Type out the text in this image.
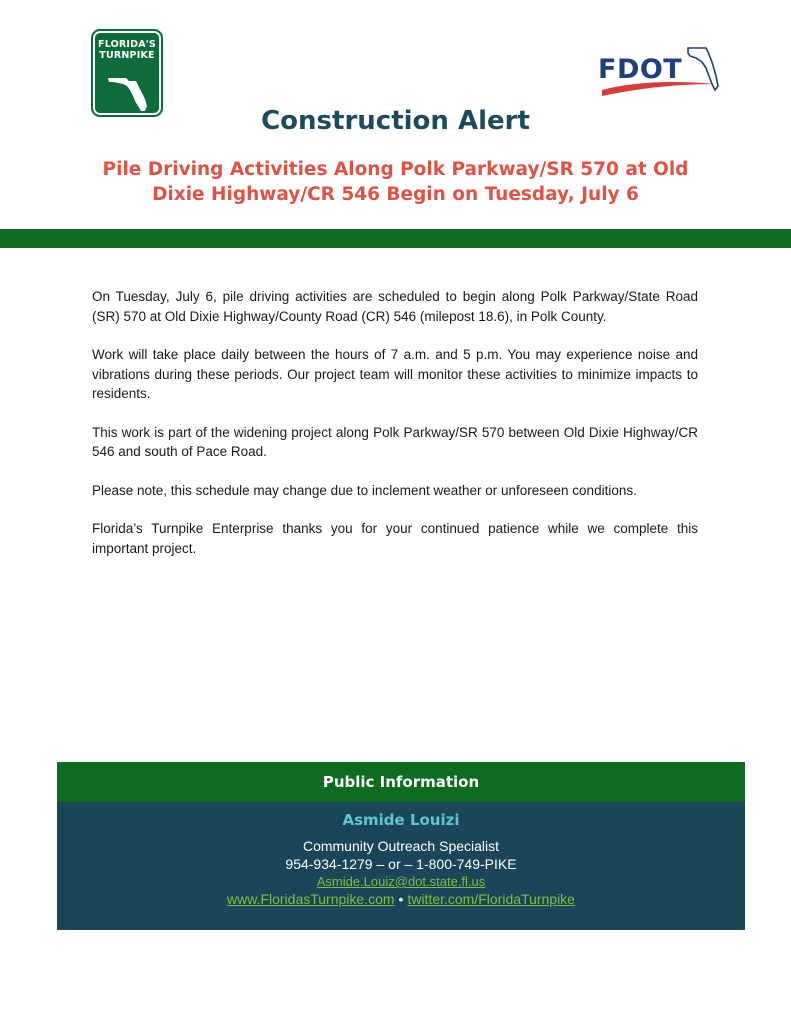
FLORIDA'S
TURNPIKE	FDOT
Construction Alert
Pile Driving Activities Along Polk Parkway/SR 570 at Old
Dixie Highway/CR 546 Begin on Tuesday, July 6

On Tuesday, July 6, pile driving activities are scheduled to begin along Polk Parkway/State Road (SR) 570 at Old Dixie Highway/County Road (CR) 546 (milepost 18.6), in Polk County.

Work will take place daily between the hours of 7 a.m. and 5 p.m. You may experience noise and vibrations during these periods. Our project team will monitor these activities to minimize impacts to residents.

This work is part of the widening project along Polk Parkway/SR 570 between Old Dixie Highway/CR 546 and south of Pace Road.

Please note, this schedule may change due to inclement weather or unforeseen conditions.

Florida’s Turnpike Enterprise thanks you for your continued patience while we complete this important project.

Public Information
Asmide Louizi
Community Outreach Specialist
954-934-1279 – or – 1-800-749-PIKE
Asmide.Louiz@dot.state.fl.us
www.FloridasTurnpike.com • twitter.com/FloridaTurnpike
